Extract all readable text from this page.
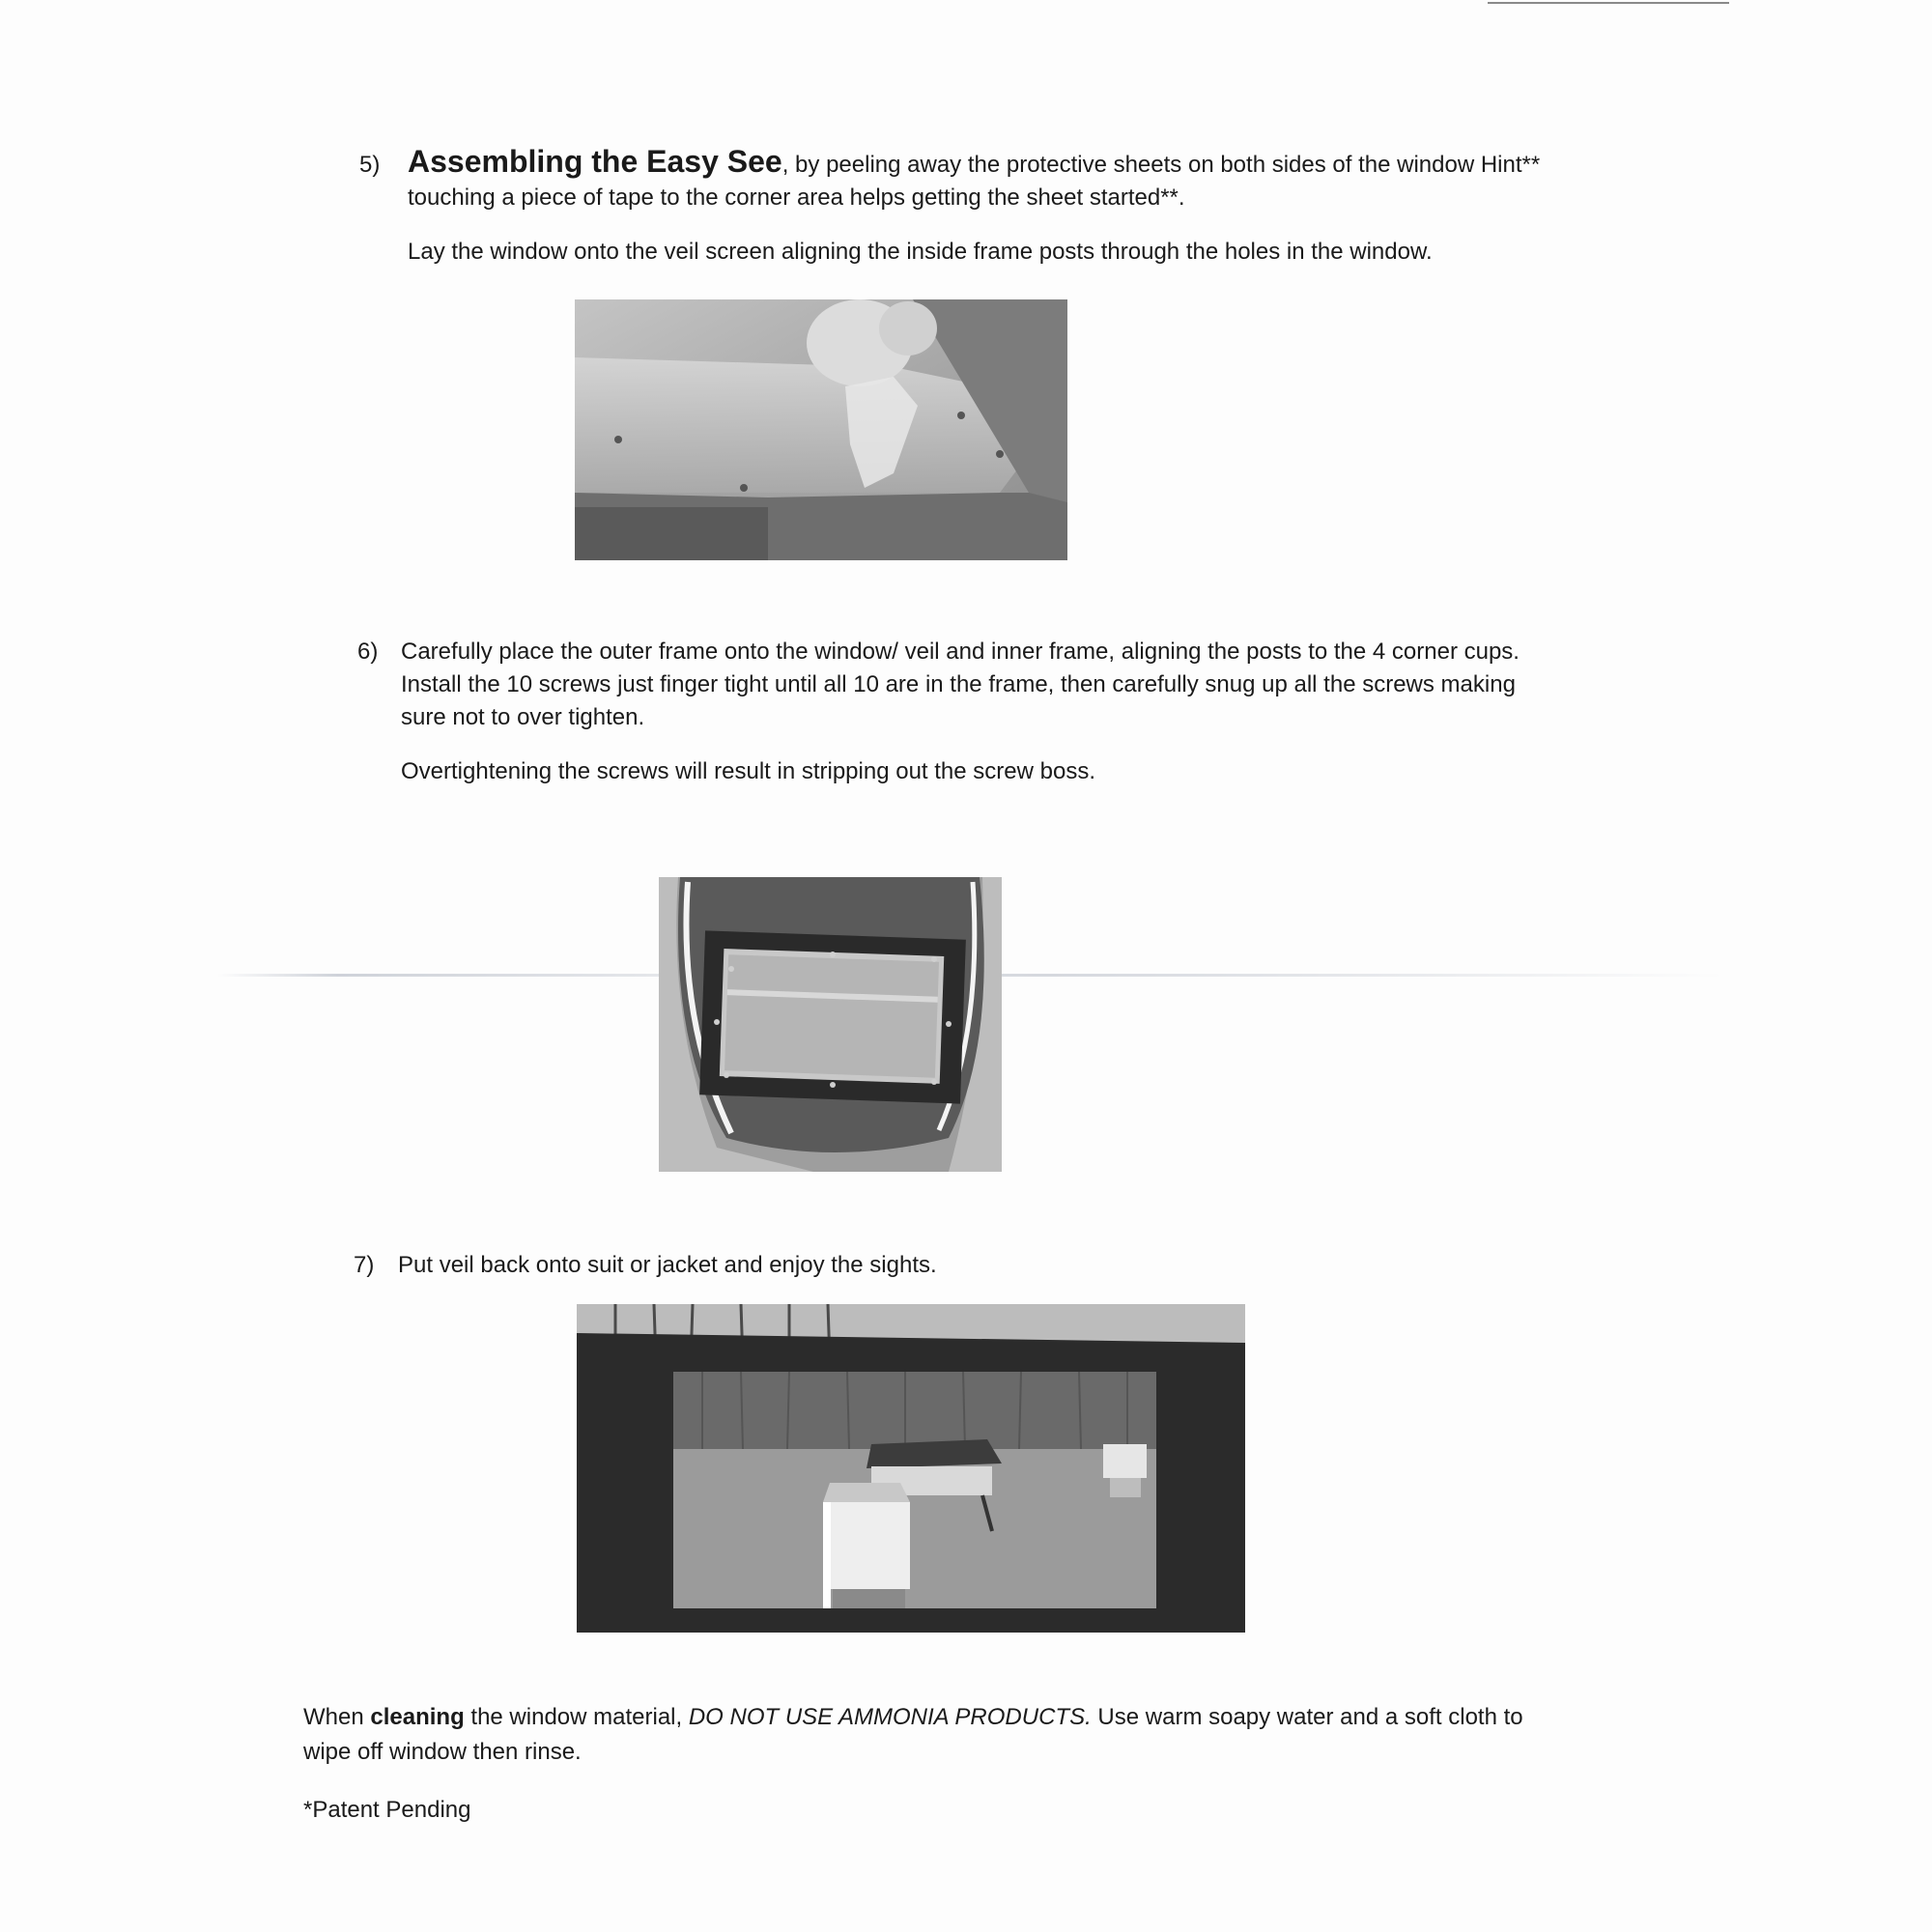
5) Assembling the Easy See, by peeling away the protective sheets on both sides of the window Hint**

touching a piece of tape to the corner area helps getting the sheet started**.

Lay the window onto the veil screen aligning the inside frame posts through the holes in the window.

6) Carefully place the outer frame onto the window/ veil and inner frame, aligning the posts to the 4 corner cups.

Install the 10 screws just finger tight until all 10 are in the frame, then carefully snug up all the screws making

sure not to over tighten.

Overtightening the screws will result in stripping out the screw boss.

7) Put veil back onto suit or jacket and enjoy the sights.

When cleaning the window material, DO NOT USE AMMONIA PRODUCTS. Use warm soapy water and a soft cloth to

wipe off window then rinse.

*Patent Pending
